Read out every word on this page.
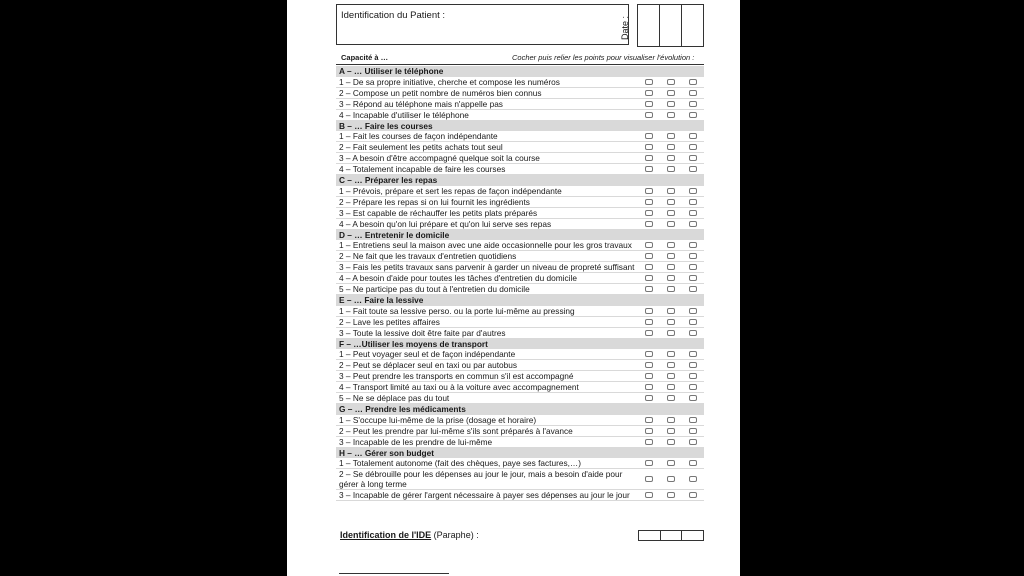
Identification du Patient :
Date :
Capacité à …	Cocher puis relier les points pour visualiser l'évolution :
A – … Utiliser le téléphone
1 – De sa propre initiative, cherche et compose les numéros
2 – Compose un petit nombre de numéros bien connus
3 – Répond au téléphone mais n'appelle pas
4 – Incapable d'utiliser le téléphone
B – … Faire les courses
1 – Fait les courses de façon indépendante
2 – Fait seulement les petits achats tout seul
3 – A besoin d'être accompagné quelque soit la course
4 – Totalement incapable de faire les courses
C – … Préparer les repas
1 – Prévois, prépare et sert les repas de façon indépendante
2 – Prépare les repas si on lui fournit les ingrédients
3 – Est capable de réchauffer les petits plats préparés
4 – A besoin qu'on lui prépare et qu'on lui serve ses repas
D – … Entretenir le domicile
1 – Entretiens seul la maison avec une aide occasionnelle pour les gros travaux
2 – Ne fait que les travaux d'entretien quotidiens
3 – Fais les petits travaux sans parvenir à garder un niveau de propreté suffisant
4 – A besoin d'aide pour toutes les tâches d'entretien du domicile
5 – Ne participe pas du tout à l'entretien du domicile
E – … Faire la lessive
1 – Fait toute sa lessive perso. ou la porte lui-même au pressing
2 – Lave les petites affaires
3 – Toute la lessive doit être faite par d'autres
F – …Utiliser les moyens de transport
1 – Peut voyager seul et de façon indépendante
2 – Peut se déplacer seul en taxi ou par autobus
3 – Peut prendre les transports en commun s'il est accompagné
4 – Transport limité au taxi ou à la voiture avec accompagnement
5 – Ne se déplace pas du tout
G – … Prendre les médicaments
1 – S'occupe lui-même de la prise (dosage et horaire)
2 – Peut les prendre par lui-même s'ils sont préparés à l'avance
3 – Incapable de les prendre de lui-même
H – … Gérer son budget
1 – Totalement autonome (fait des chèques, paye ses factures,…)
2 – Se débrouille pour les dépenses au jour le jour, mais a besoin d'aide pour gérer à long terme
3 – Incapable de gérer l'argent nécessaire à payer ses dépenses au jour le jour
Identification de l'IDE (Paraphe) :
